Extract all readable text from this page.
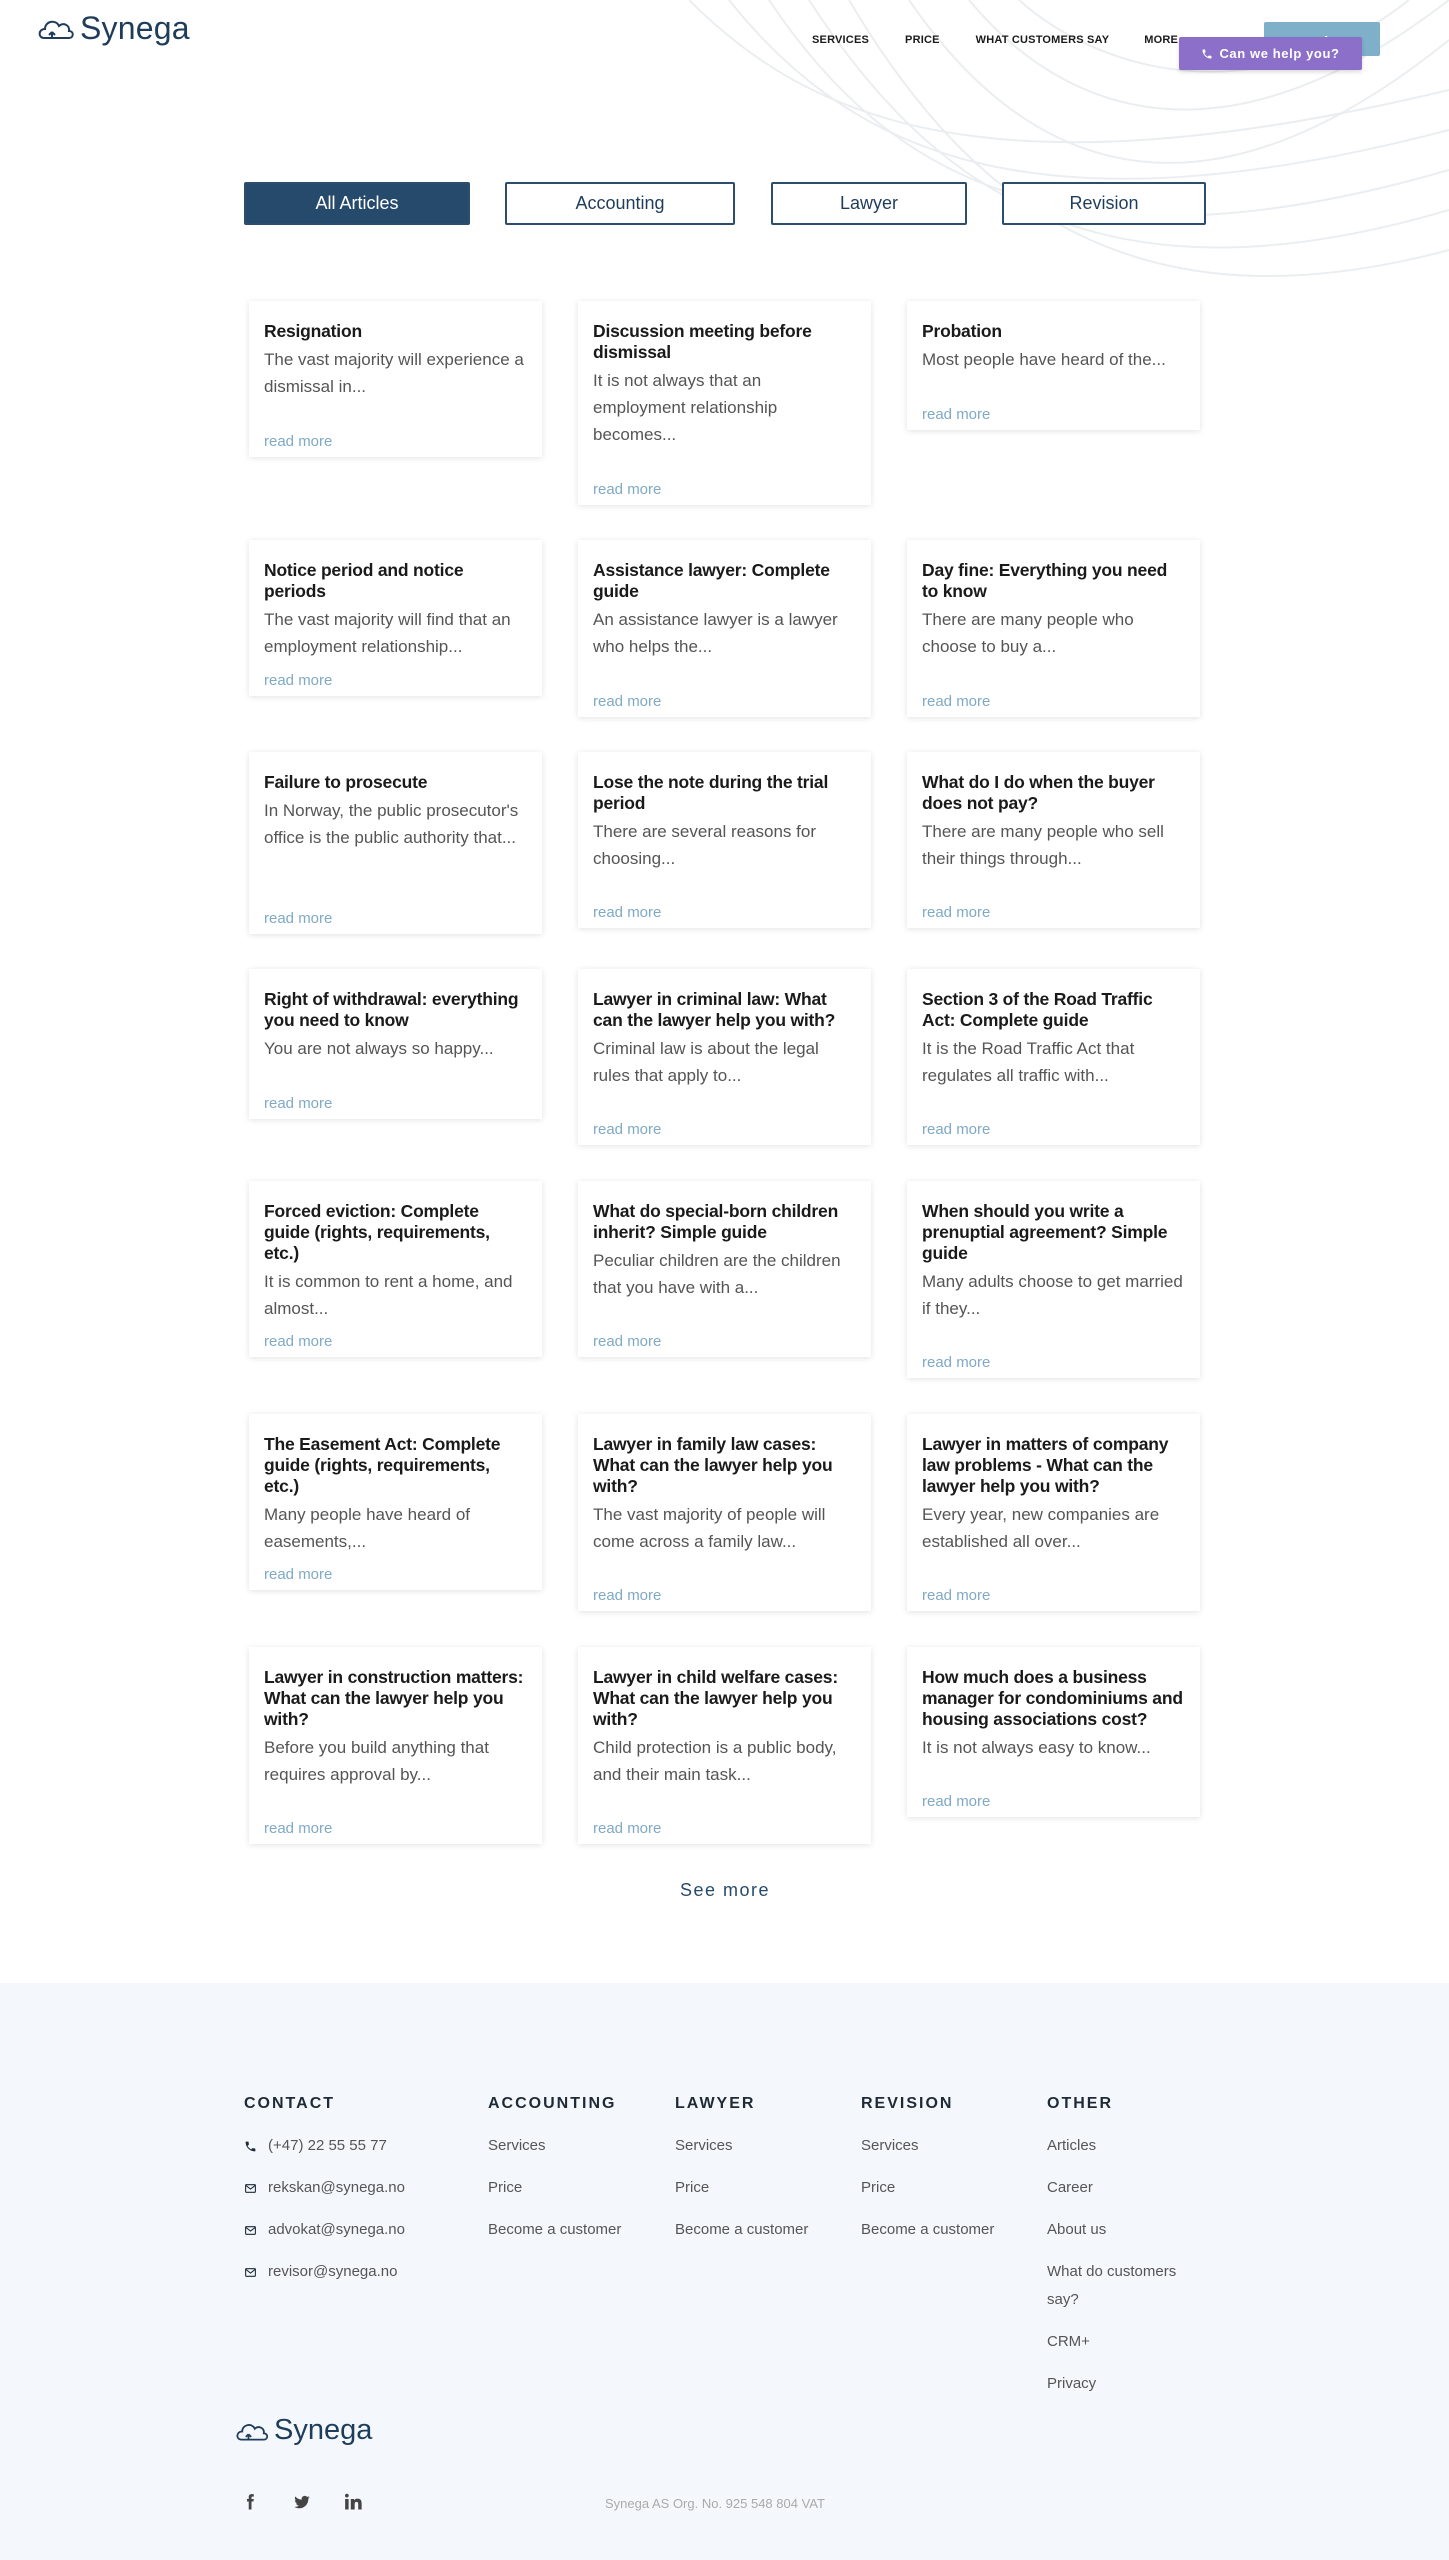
Synega	SERVICES	PRICE	WHAT CUSTOMERS SAY	MORE
Can we help you?
All Articles	Accounting	Lawyer	Revision
Resignation

The vast majority will experience a dismissal in...

read more
Discussion meeting before dismissal

It is not always that an employment relationship becomes...

read more
Probation

Most people have heard of the...

read more
Notice period and notice periods

The vast majority will find that an employment relationship...

read more
Assistance lawyer: Complete guide

An assistance lawyer is a lawyer who helps the...

read more
Day fine: Everything you need to know

There are many people who choose to buy a...

read more
Failure to prosecute

In Norway, the public prosecutor's office is the public authority that...

read more
Lose the note during the trial period

There are several reasons for choosing...

read more
What do I do when the buyer does not pay?

There are many people who sell their things through...

read more
Right of withdrawal: everything you need to know

You are not always so happy...

read more
Lawyer in criminal law: What can the lawyer help you with?

Criminal law is about the legal rules that apply to...

read more
Section 3 of the Road Traffic Act: Complete guide

It is the Road Traffic Act that regulates all traffic with...

read more
Forced eviction: Complete guide (rights, requirements, etc.)

It is common to rent a home, and almost...

read more
What do special-born children inherit? Simple guide

Peculiar children are the children that you have with a...

read more
When should you write a prenuptial agreement? Simple guide

Many adults choose to get married if they...

read more
The Easement Act: Complete guide (rights, requirements, etc.)

Many people have heard of easements,...

read more
Lawyer in family law cases: What can the lawyer help you with?

The vast majority of people will come across a family law...

read more
Lawyer in matters of company law problems - What can the lawyer help you with?

Every year, new companies are established all over...

read more
Lawyer in construction matters: What can the lawyer help you with?

Before you build anything that requires approval by...

read more
Lawyer in child welfare cases: What can the lawyer help you with?

Child protection is a public body, and their main task...

read more
How much does a business manager for condominiums and housing associations cost?

It is not always easy to know...

read more
See more
CONTACT
(+47) 22 55 55 77
rekskan@synega.no
advokat@synega.no
revisor@synega.no
ACCOUNTING
Services
Price
Become a customer
LAWYER
Services
Price
Become a customer
REVISION
Services
Price
Become a customer
OTHER
Articles
Career
About us
What do customers say?
CRM+
Privacy
Synega
Synega AS Org. No. 925 548 804 VAT
